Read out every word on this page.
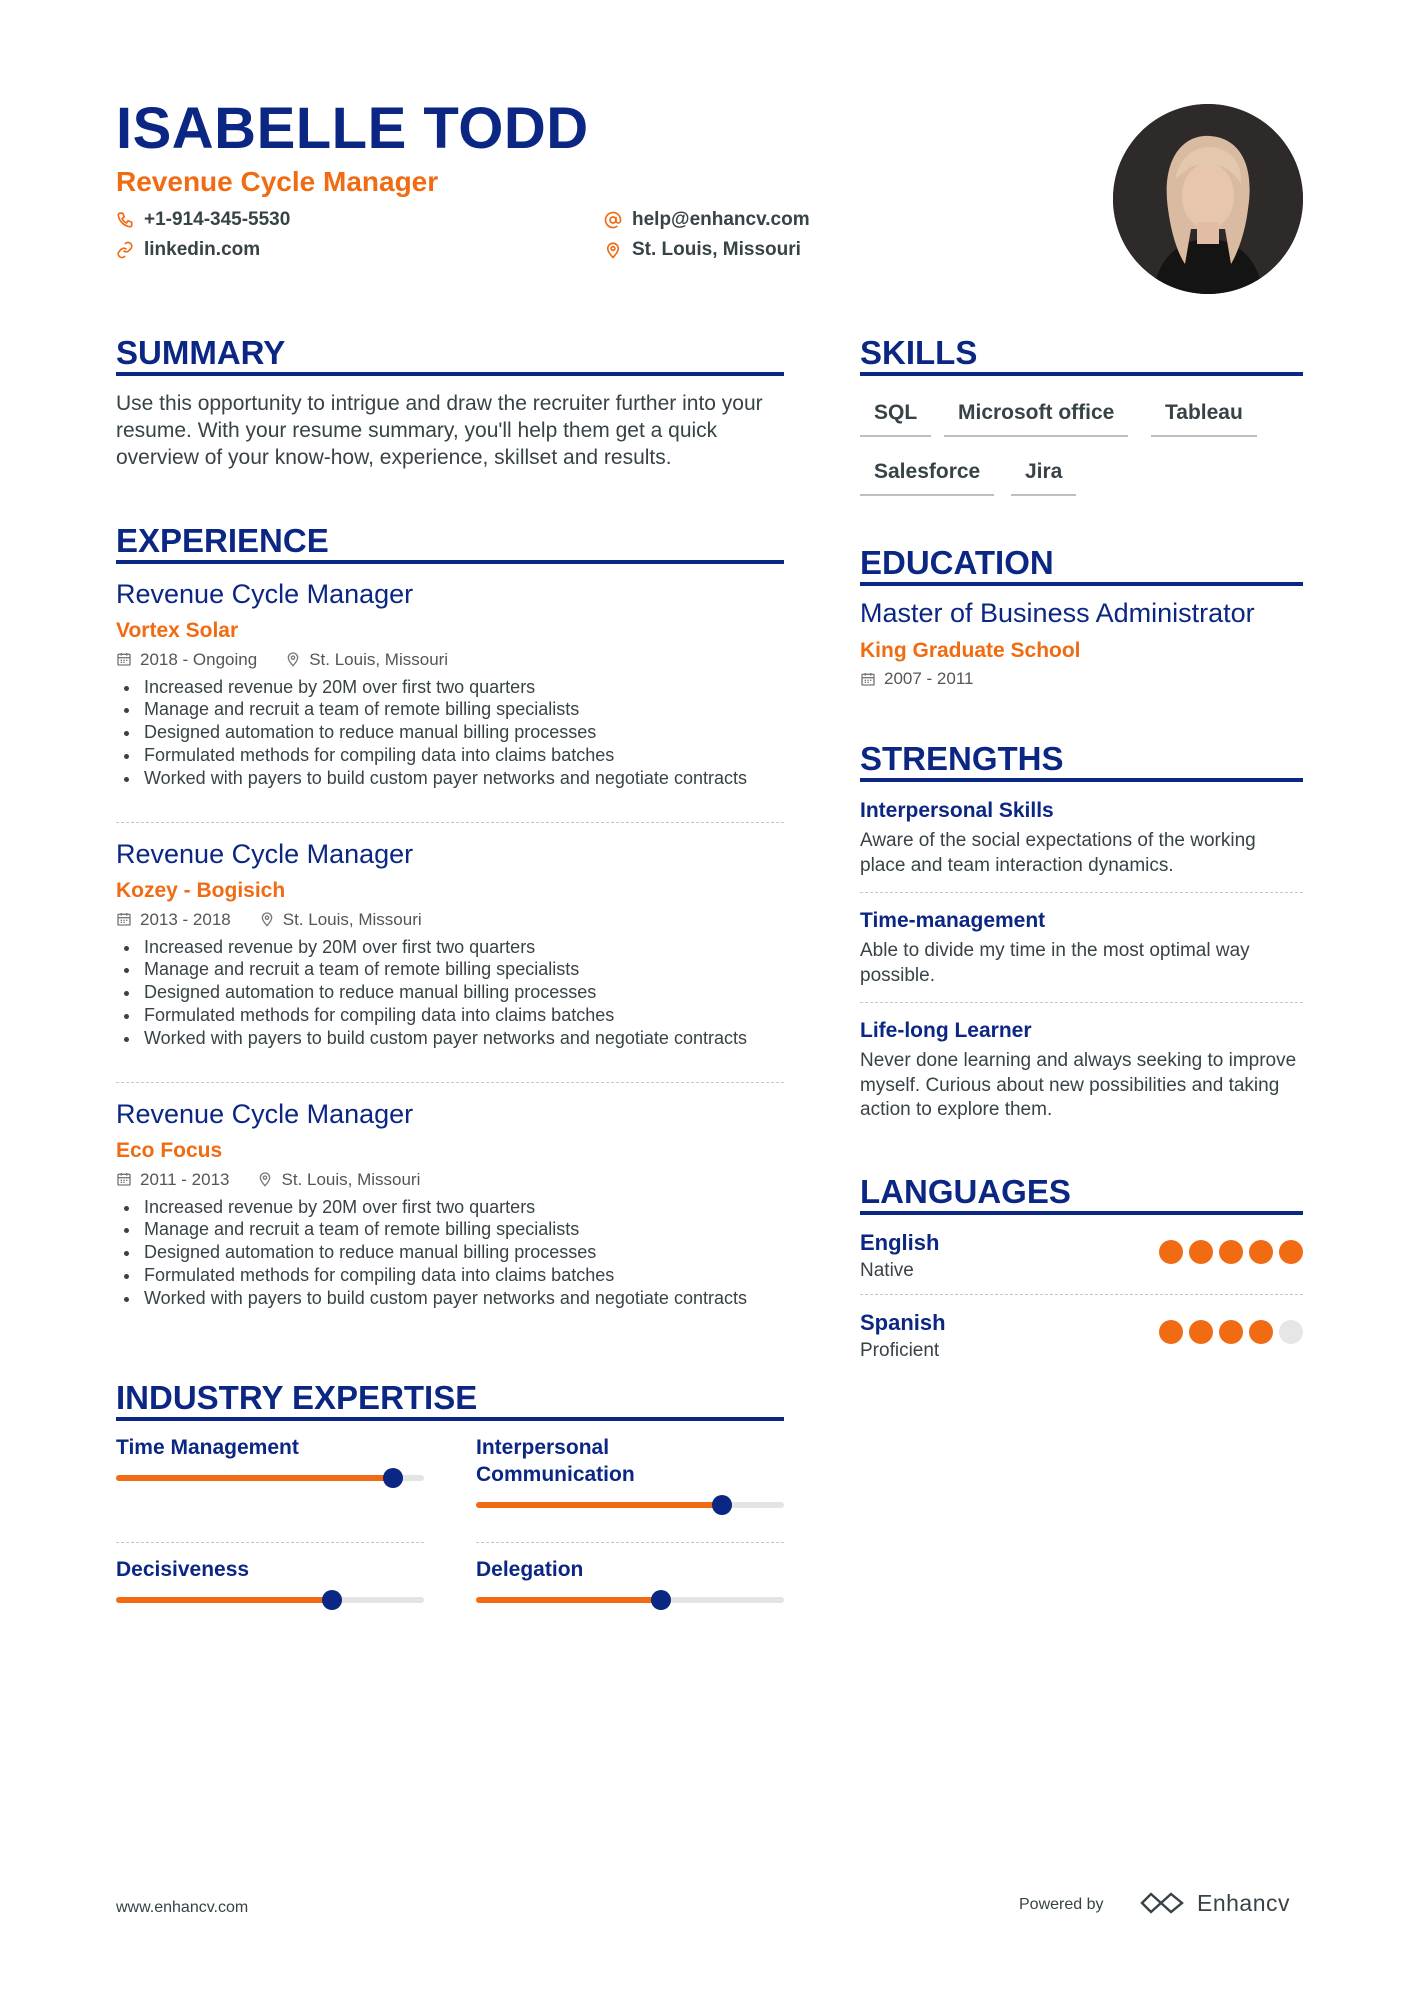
ISABELLE TODD
Revenue Cycle Manager
+1-914-345-5530	help@enhancv.com
linkedin.com	St. Louis, Missouri
SUMMARY
Use this opportunity to intrigue and draw the recruiter further into your resume. With your resume summary, you'll help them get a quick overview of your know-how, experience, skillset and results.
EXPERIENCE
Revenue Cycle Manager
Vortex Solar
2018 - Ongoing	St. Louis, Missouri
Increased revenue by 20M over first two quarters
Manage and recruit a team of remote billing specialists
Designed automation to reduce manual billing processes
Formulated methods for compiling data into claims batches
Worked with payers to build custom payer networks and negotiate contracts
Revenue Cycle Manager
Kozey - Bogisich
2013 - 2018	St. Louis, Missouri
Increased revenue by 20M over first two quarters
Manage and recruit a team of remote billing specialists
Designed automation to reduce manual billing processes
Formulated methods for compiling data into claims batches
Worked with payers to build custom payer networks and negotiate contracts
Revenue Cycle Manager
Eco Focus
2011 - 2013	St. Louis, Missouri
Increased revenue by 20M over first two quarters
Manage and recruit a team of remote billing specialists
Designed automation to reduce manual billing processes
Formulated methods for compiling data into claims batches
Worked with payers to build custom payer networks and negotiate contracts
INDUSTRY EXPERTISE
Time Management	Interpersonal Communication
Decisiveness	Delegation
SKILLS
SQL	Microsoft office	Tableau
Salesforce	Jira
EDUCATION
Master of Business Administrator
King Graduate School
2007 - 2011
STRENGTHS
Interpersonal Skills
Aware of the social expectations of the working place and team interaction dynamics.
Time-management
Able to divide my time in the most optimal way possible.
Life-long Learner
Never done learning and always seeking to improve myself. Curious about new possibilities and taking action to explore them.
LANGUAGES
English
Native
Spanish
Proficient
www.enhancv.com	Powered by	Enhancv
